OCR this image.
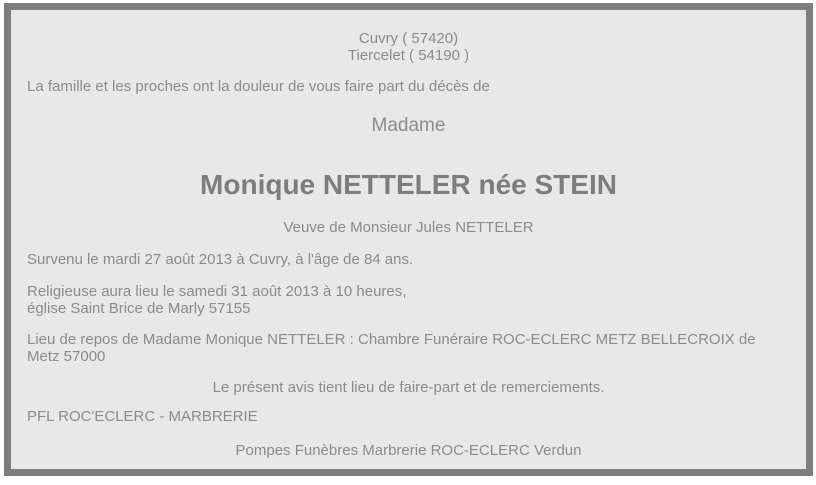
Cuvry ( 57420)
Tiercelet ( 54190 )
La famille et les proches ont la douleur de vous faire part du décès de
Madame
Monique NETTELER née STEIN
Veuve de Monsieur Jules NETTELER
Survenu le mardi 27 août 2013 à Cuvry, à l'âge de 84 ans.
Religieuse aura lieu le samedi 31 août 2013 à 10 heures,
église Saint Brice de Marly 57155
Lieu de repos de Madame Monique NETTELER : Chambre Funéraire ROC-ECLERC METZ BELLECROIX de Metz 57000
Le présent avis tient lieu de faire-part et de remerciements.
PFL ROC'ECLERC - MARBRERIE
Pompes Funèbres Marbrerie ROC-ECLERC Verdun
